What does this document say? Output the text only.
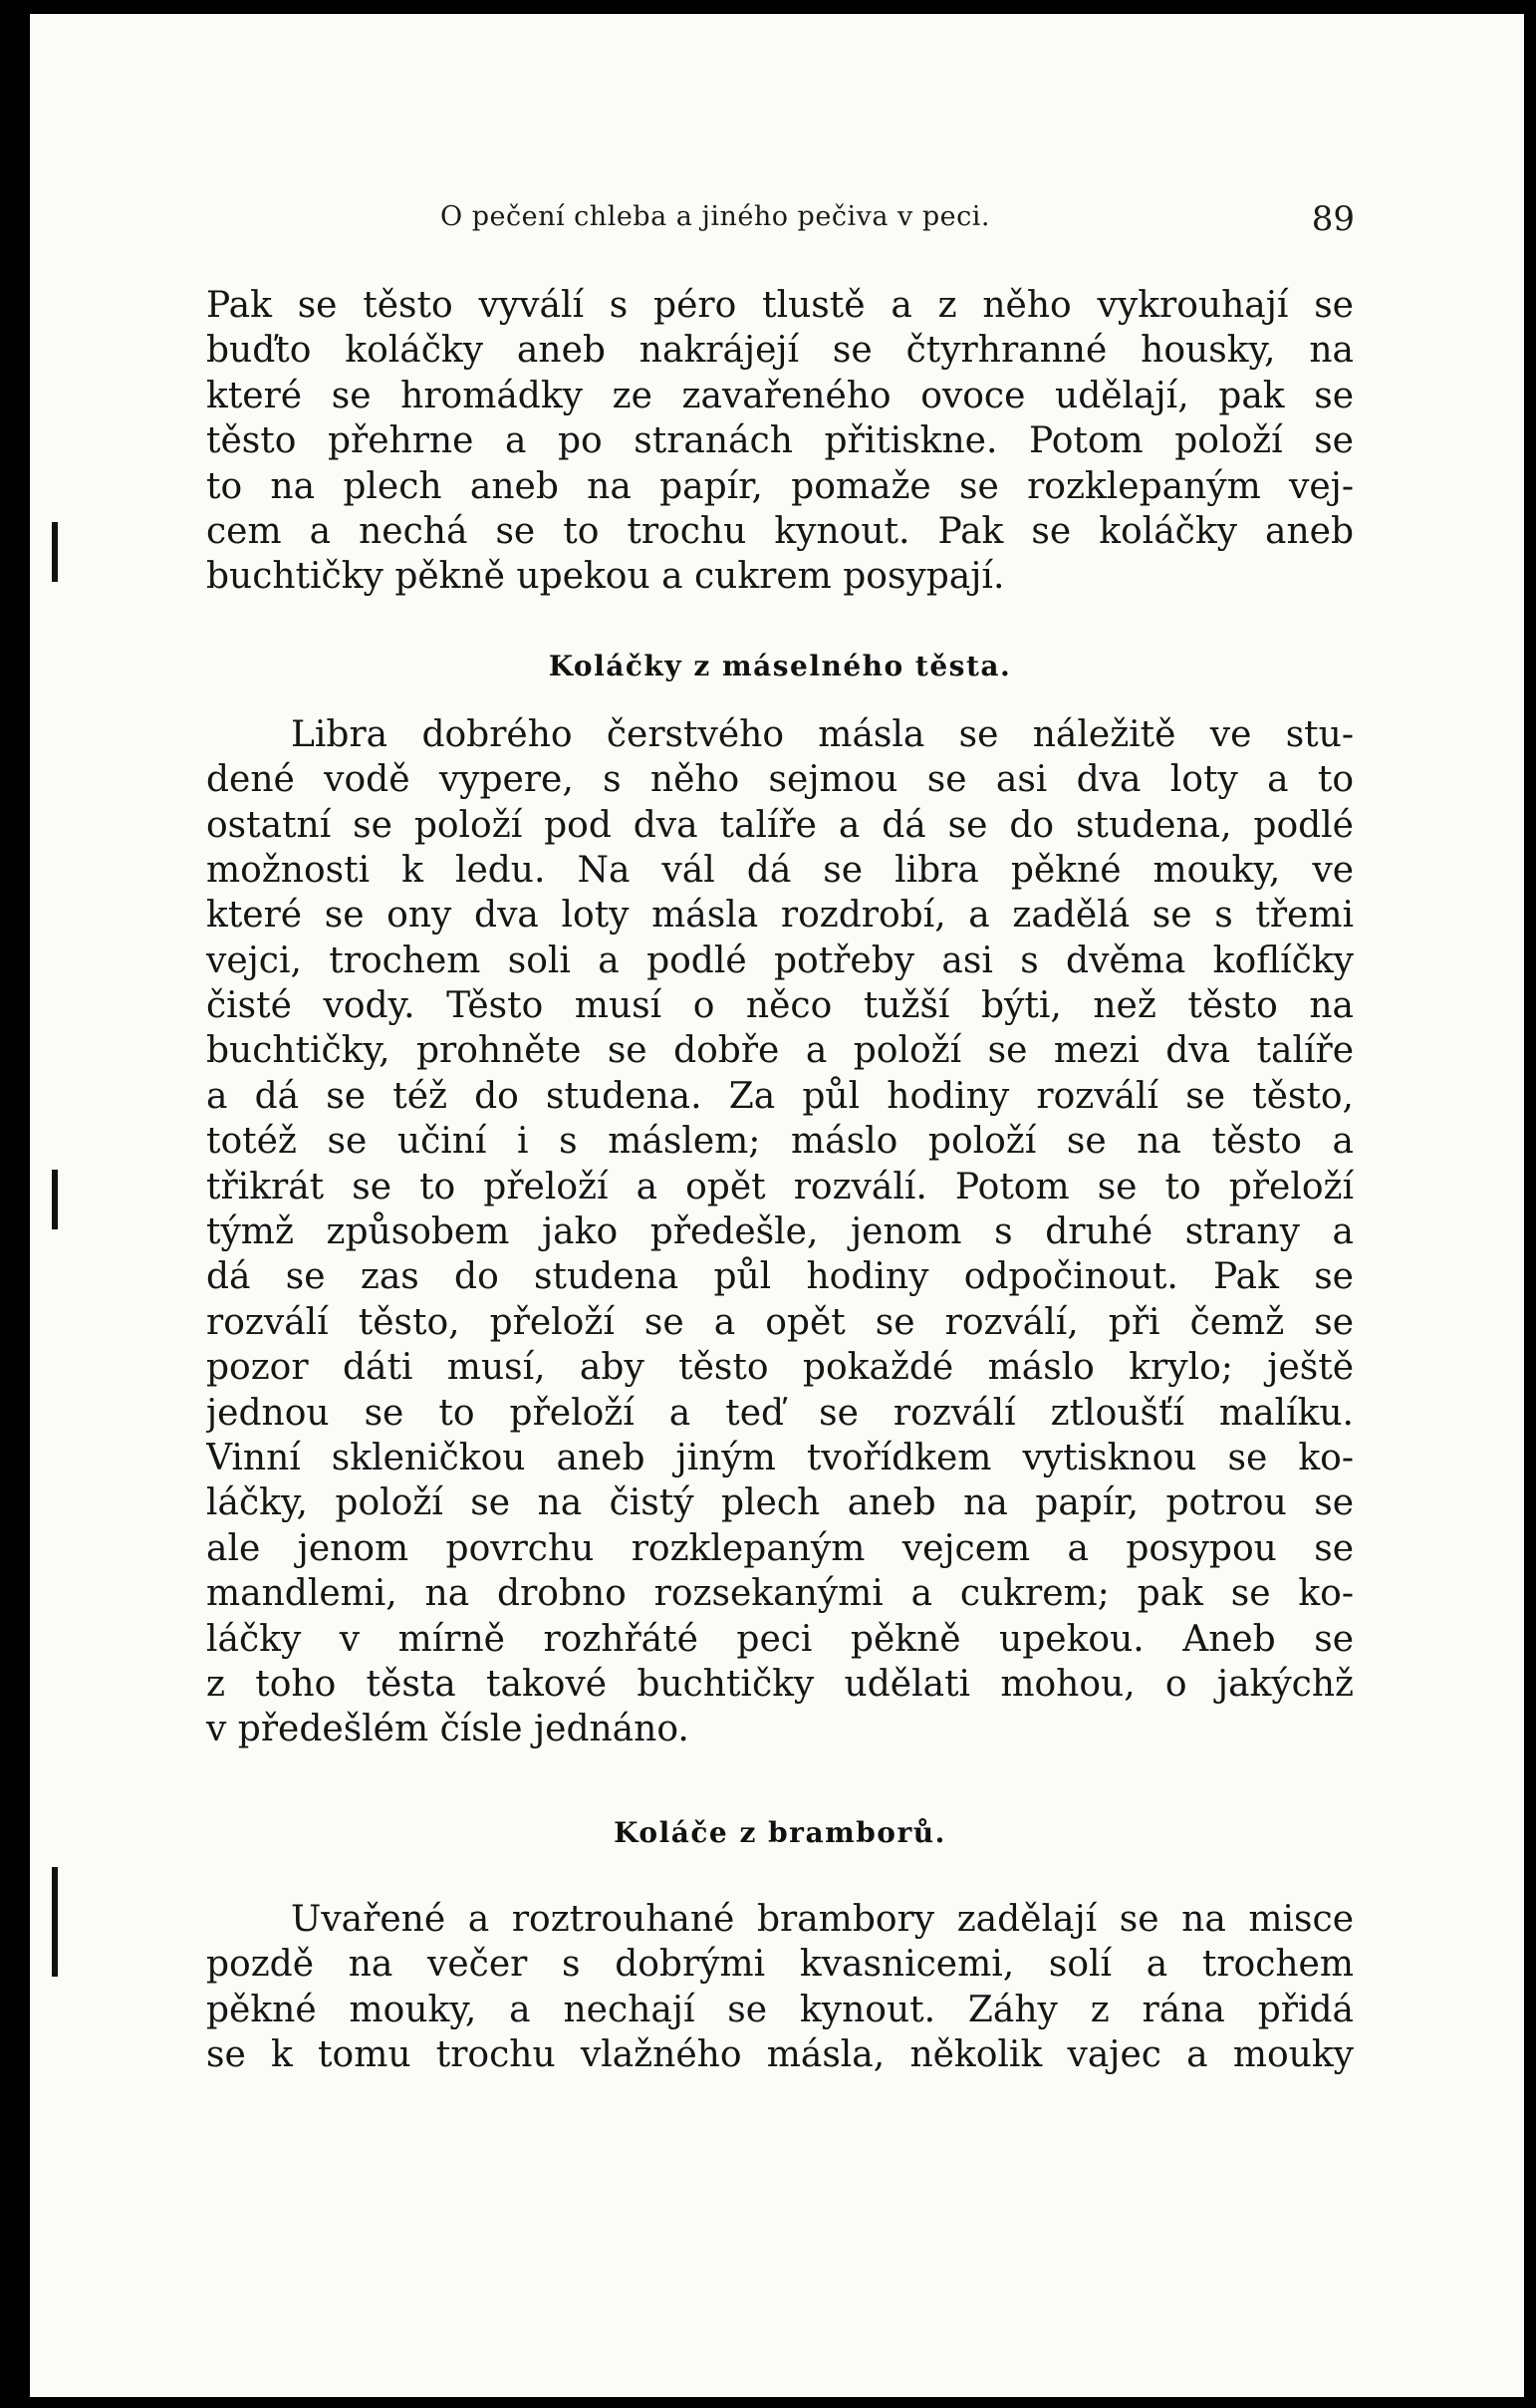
O pečení chleba a jiného pečiva v peci.	89
Pak se těsto vyválí s péro tlustě a z něho vykrouhají se
buďto koláčky aneb nakrájejí se čtyrhranné housky, na
které se hromádky ze zavařeného ovoce udělají, pak se
těsto přehrne a po stranách přitiskne. Potom položí se
to na plech aneb na papír, pomaže se rozklepaným vej-
cem a nechá se to trochu kynout. Pak se koláčky aneb
buchtičky pěkně upekou a cukrem posypají.
Koláčky z máselného těsta.
Libra dobrého čerstvého másla se náležitě ve stu-
dené vodě vypere, s něho sejmou se asi dva loty a to
ostatní se položí pod dva talíře a dá se do studena, podlé
možnosti k ledu. Na vál dá se libra pěkné mouky, ve
které se ony dva loty másla rozdrobí, a zadělá se s třemi
vejci, trochem soli a podlé potřeby asi s dvěma koflíčky
čisté vody. Těsto musí o něco tužší býti, než těsto na
buchtičky, prohněte se dobře a položí se mezi dva talíře
a dá se též do studena. Za půl hodiny rozválí se těsto,
totéž se učiní i s máslem; máslo položí se na těsto a
třikrát se to přeloží a opět rozválí. Potom se to přeloží
týmž způsobem jako předešle, jenom s druhé strany a
dá se zas do studena půl hodiny odpočinout. Pak se
rozválí těsto, přeloží se a opět se rozválí, při čemž se
pozor dáti musí, aby těsto pokaždé máslo krylo; ještě
jednou se to přeloží a teď se rozválí ztloušťí malíku.
Vinní skleničkou aneb jiným tvořídkem vytisknou se ko-
láčky, položí se na čistý plech aneb na papír, potrou se
ale jenom povrchu rozklepaným vejcem a posypou se
mandlemi, na drobno rozsekanými a cukrem; pak se ko-
láčky v mírně rozhřáté peci pěkně upekou. Aneb se
z toho těsta takové buchtičky udělati mohou, o jakýchž
v předešlém čísle jednáno.
Koláče z bramborů.
Uvařené a roztrouhané brambory zadělají se na misce
pozdě na večer s dobrými kvasnicemi, solí a trochem
pěkné mouky, a nechají se kynout. Záhy z rána přidá
se k tomu trochu vlažného másla, několik vajec a mouky
